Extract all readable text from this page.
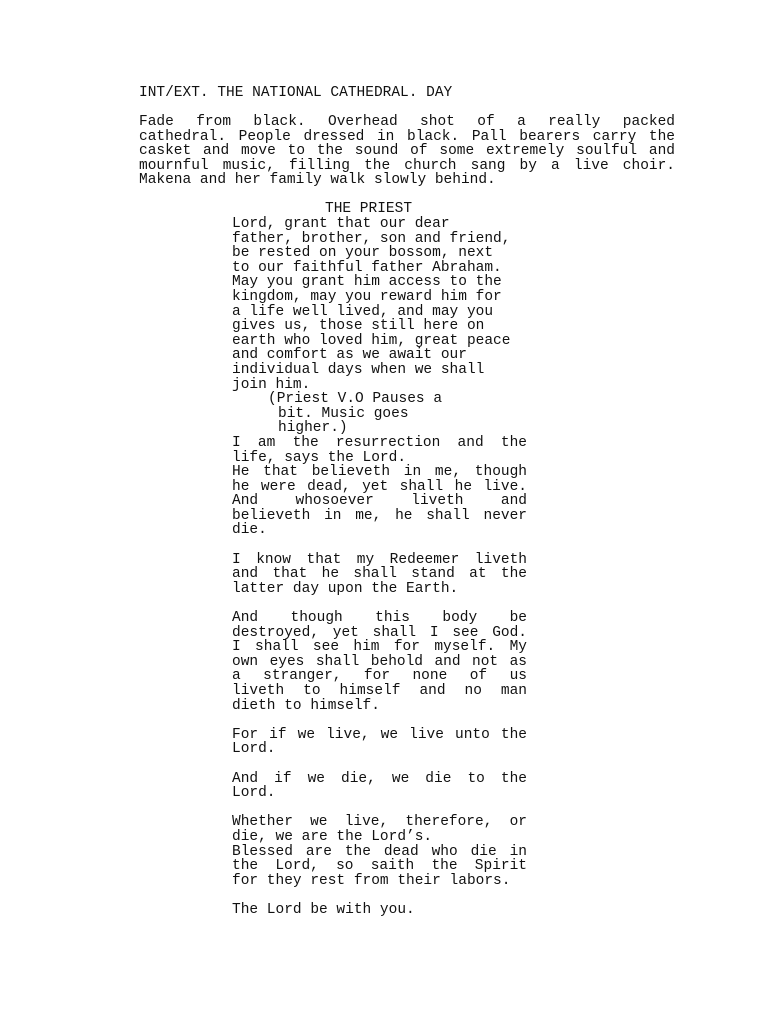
INT/EXT. THE NATIONAL CATHEDRAL. DAY
Fade from black. Overhead shot of a really packed
cathedral. People dressed in black. Pall bearers carry the
casket and move to the sound of some extremely soulful and
mournful music, filling the church sang by a live choir.
Makena and her family walk slowly behind.
THE PRIEST
Lord, grant that our dear
father, brother, son and friend,
be rested on your bossom, next
to our faithful father Abraham.
May you grant him access to the
kingdom, may you reward him for
a life well lived, and may you
gives us, those still here on
earth who loved him, great peace
and comfort as we await our
individual days when we shall
join him.
(Priest V.O Pauses a
bit. Music goes
higher.)
I am the resurrection and the
life, says the Lord.
He that believeth in me, though
he were dead, yet shall he live.
And whosoever liveth and
believeth in me, he shall never
die.
I know that my Redeemer liveth
and that he shall stand at the
latter day upon the Earth.
And though this body be
destroyed, yet shall I see God.
I shall see him for myself. My
own eyes shall behold and not as
a stranger, for none of us
liveth to himself and no man
dieth to himself.
For if we live, we live unto the
Lord.
And if we die, we die to the
Lord.
Whether we live, therefore, or
die, we are the Lord’s.
Blessed are the dead who die in
the Lord, so saith the Spirit
for they rest from their labors.
The Lord be with you.
